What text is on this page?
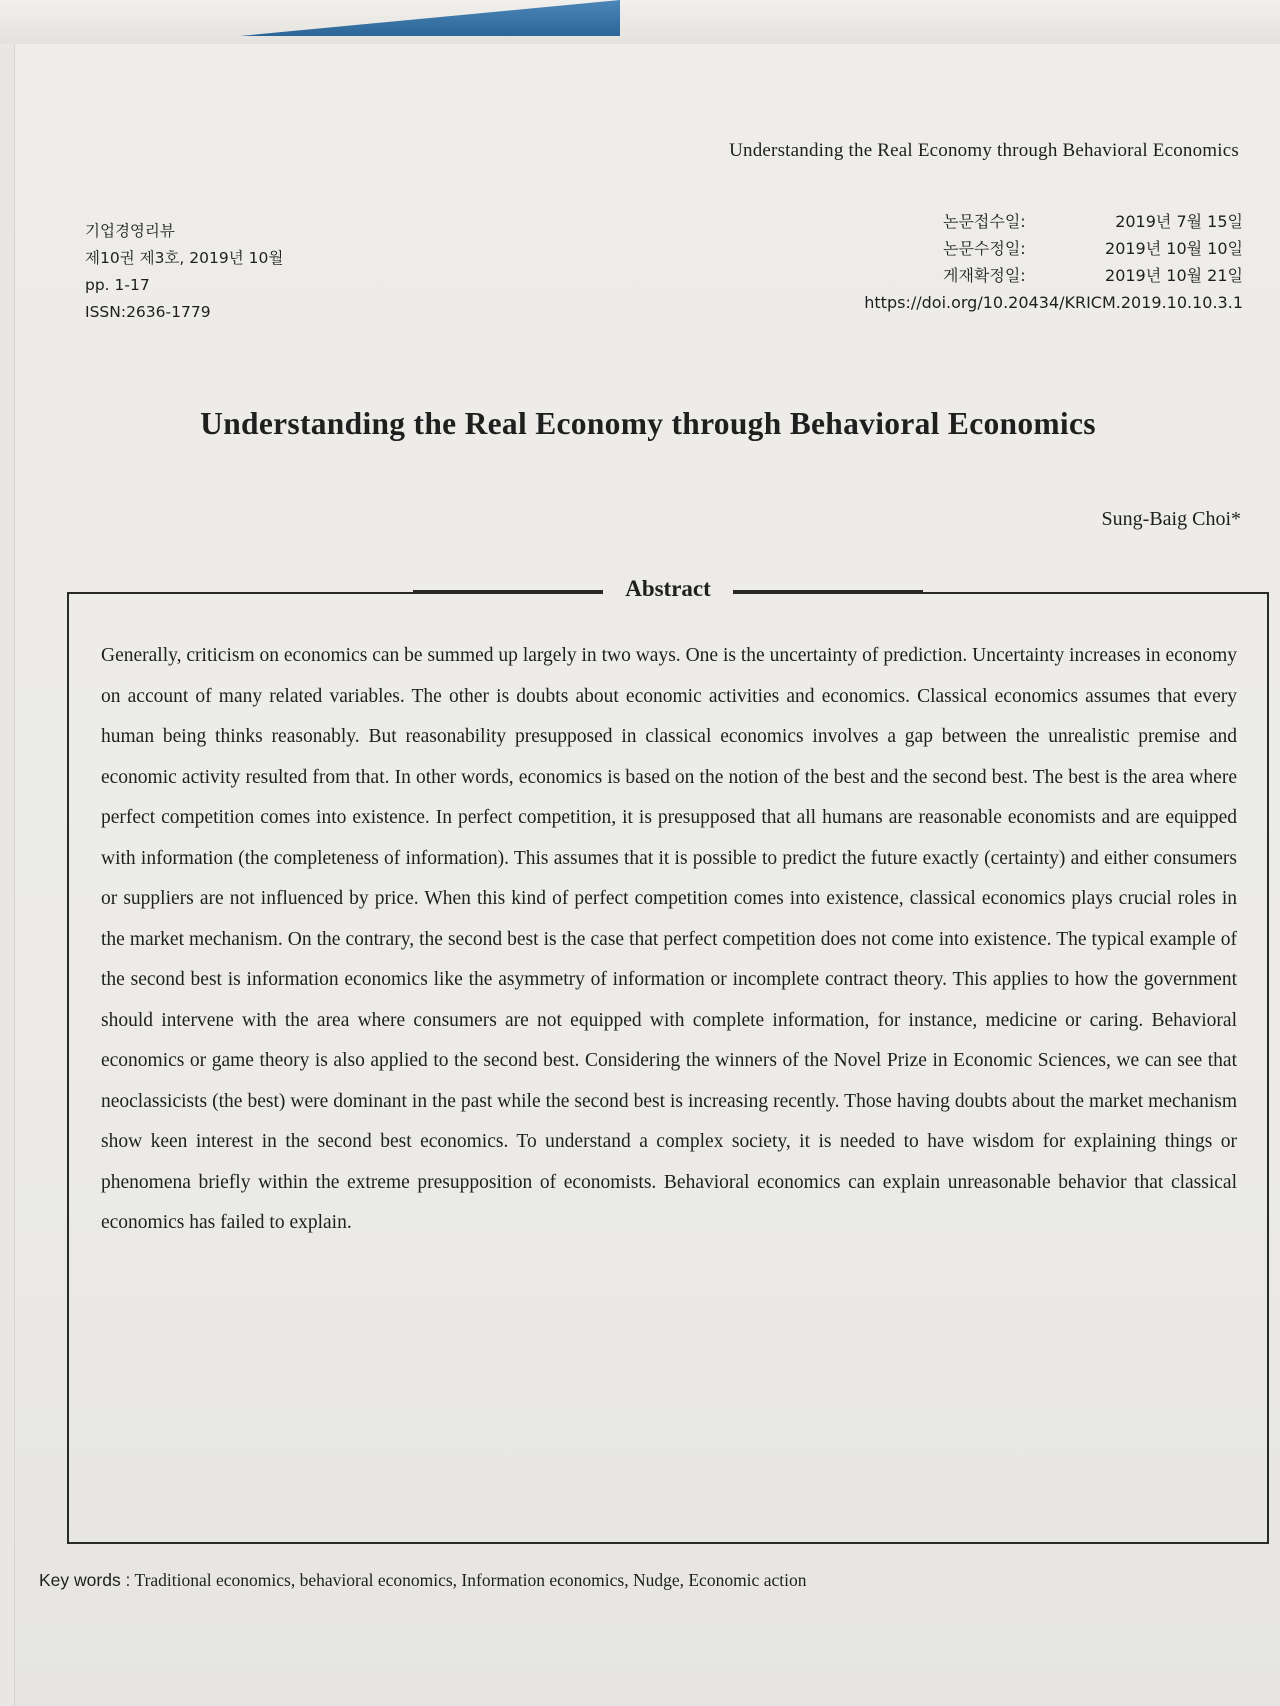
Understanding the Real Economy through Behavioral Economics
기업경영리뷰
제10권 제3호, 2019년 10월
pp. 1-17
ISSN:2636-1779
논문접수일:	2019년 7월 15일
논문수정일:	2019년 10월 10일
게재확정일:	2019년 10월 21일
https://doi.org/10.20434/KRICM.2019.10.10.3.1
Understanding the Real Economy through Behavioral Economics
Sung-Baig Choi*
Abstract

Generally, criticism on economics can be summed up largely in two ways. One is the uncertainty of prediction. Uncertainty increases in economy on account of many related variables. The other is doubts about economic activities and economics. Classical economics assumes that every human being thinks reasonably. But reasonability presupposed in classical economics involves a gap between the unrealistic premise and economic activity resulted from that. In other words, economics is based on the notion of the best and the second best. The best is the area where perfect competition comes into existence. In perfect competition, it is presupposed that all humans are reasonable economists and are equipped with information (the completeness of information). This assumes that it is possible to predict the future exactly (certainty) and either consumers or suppliers are not influenced by price. When this kind of perfect competition comes into existence, classical economics plays crucial roles in the market mechanism. On the contrary, the second best is the case that perfect competition does not come into existence. The typical example of the second best is information economics like the asymmetry of information or incomplete contract theory. This applies to how the government should intervene with the area where consumers are not equipped with complete information, for instance, medicine or caring. Behavioral economics or game theory is also applied to the second best. Considering the winners of the Novel Prize in Economic Sciences, we can see that neoclassicists (the best) were dominant in the past while the second best is increasing recently. Those having doubts about the market mechanism show keen interest in the second best economics. To understand a complex society, it is needed to have wisdom for explaining things or phenomena briefly within the extreme presupposition of economists. Behavioral economics can explain unreasonable behavior that classical economics has failed to explain.

Key words : Traditional economics, behavioral economics, Information economics, Nudge, Economic action
